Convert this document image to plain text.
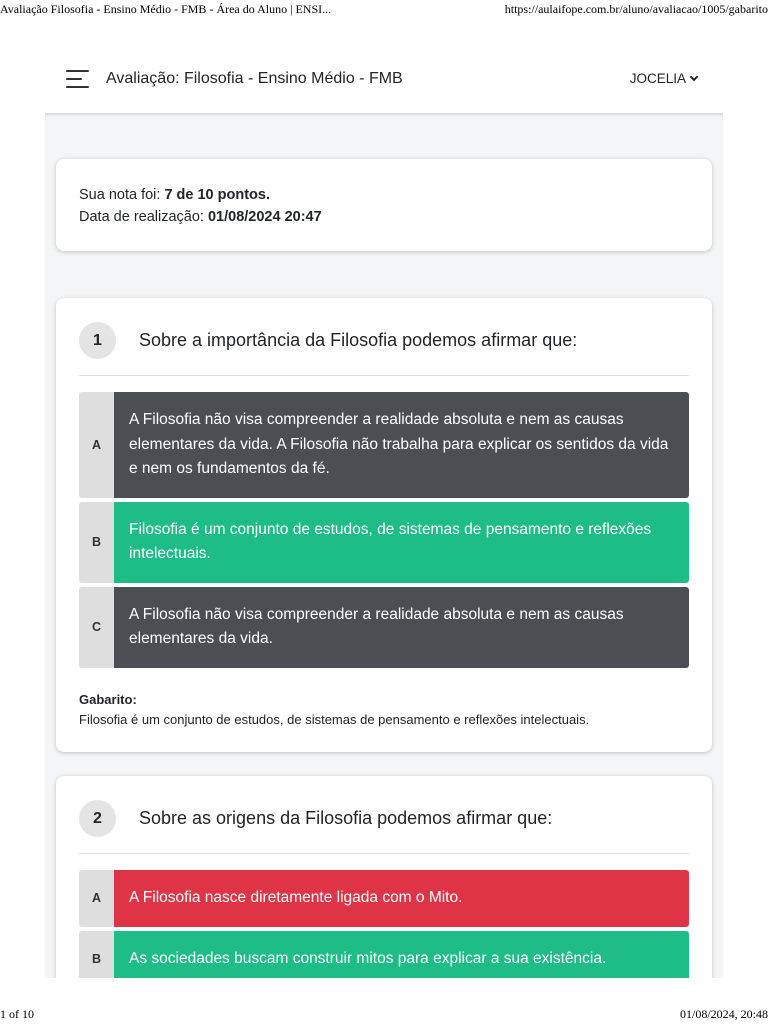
Avaliação Filosofia - Ensino Médio - FMB - Área do Aluno | ENSI...	https://aulaifope.com.br/aluno/avaliacao/1005/gabarito
Avaliação: Filosofia - Ensino Médio - FMB	JOCELIA
Sua nota foi: 7 de 10 pontos.
Data de realização: 01/08/2024 20:47
1	Sobre a importância da Filosofia podemos afirmar que:
A
A Filosofia não visa compreender a realidade absoluta e nem as causas elementares da vida. A Filosofia não trabalha para explicar os sentidos da vida e nem os fundamentos da fé.
B
Filosofia é um conjunto de estudos, de sistemas de pensamento e reflexões intelectuais.
C
A Filosofia não visa compreender a realidade absoluta e nem as causas elementares da vida.
Gabarito:
Filosofia é um conjunto de estudos, de sistemas de pensamento e reflexões intelectuais.
2	Sobre as origens da Filosofia podemos afirmar que:
A	A Filosofia nasce diretamente ligada com o Mito.
B	As sociedades buscam construir mitos para explicar a sua existência.
1 of 10	01/08/2024, 20:48
